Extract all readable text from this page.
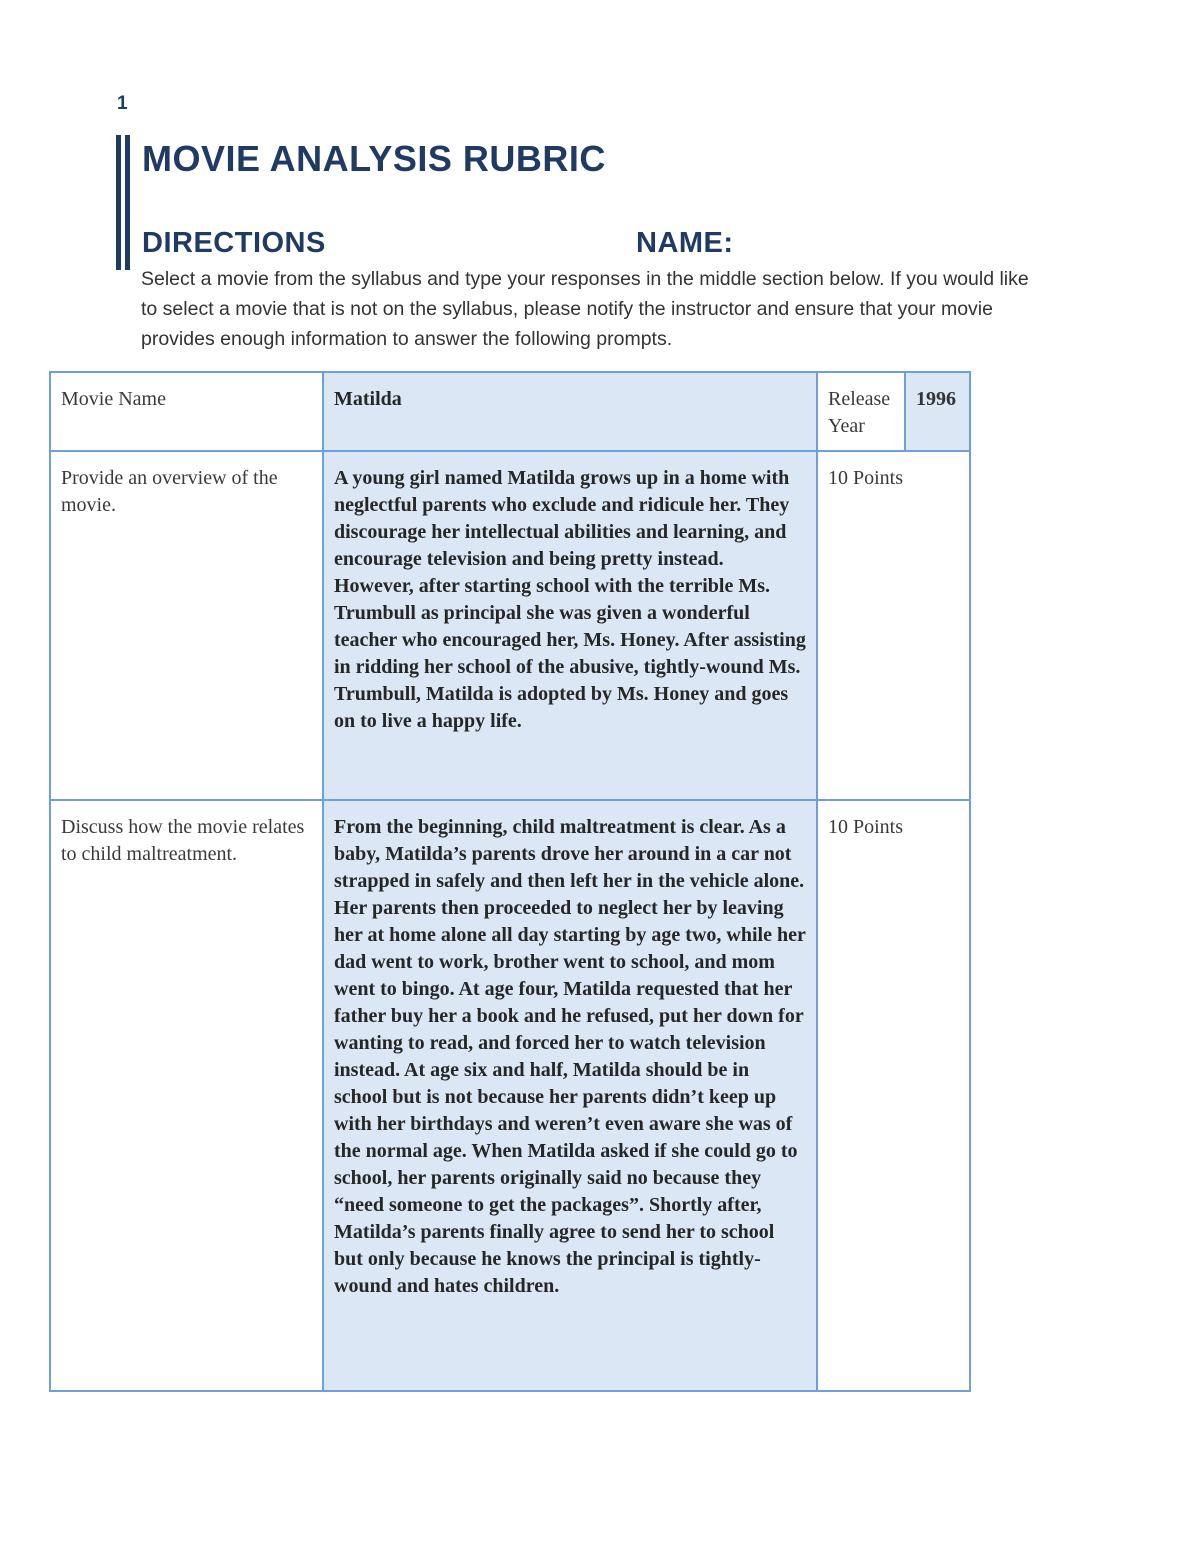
1
MOVIE ANALYSIS RUBRIC
DIRECTIONS	NAME:

Select a movie from the syllabus and type your responses in the middle section below. If you would like to select a movie that is not on the syllabus, please notify the instructor and ensure that your movie provides enough information to answer the following prompts.

Movie Name	Matilda	Release Year	1996
Provide an overview of the movie.	A young girl named Matilda grows up in a home with neglectful parents who exclude and ridicule her. They discourage her intellectual abilities and learning, and encourage television and being pretty instead. However, after starting school with the terrible Ms. Trumbull as principal she was given a wonderful teacher who encouraged her, Ms. Honey. After assisting in ridding her school of the abusive, tightly-wound Ms. Trumbull, Matilda is adopted by Ms. Honey and goes on to live a happy life.	10 Points	
Discuss how the movie relates to child maltreatment.	From the beginning, child maltreatment is clear. As a baby, Matilda’s parents drove her around in a car not strapped in safely and then left her in the vehicle alone. Her parents then proceeded to neglect her by leaving her at home alone all day starting by age two, while her dad went to work, brother went to school, and mom went to bingo. At age four, Matilda requested that her father buy her a book and he refused, put her down for wanting to read, and forced her to watch television instead. At age six and half, Matilda should be in school but is not because her parents didn’t keep up with her birthdays and weren’t even aware she was of the normal age. When Matilda asked if she could go to school, her parents originally said no because they “need someone to get the packages”. Shortly after, Matilda’s parents finally agree to send her to school but only because he knows the principal is tightly-wound and hates children.	10 Points	
